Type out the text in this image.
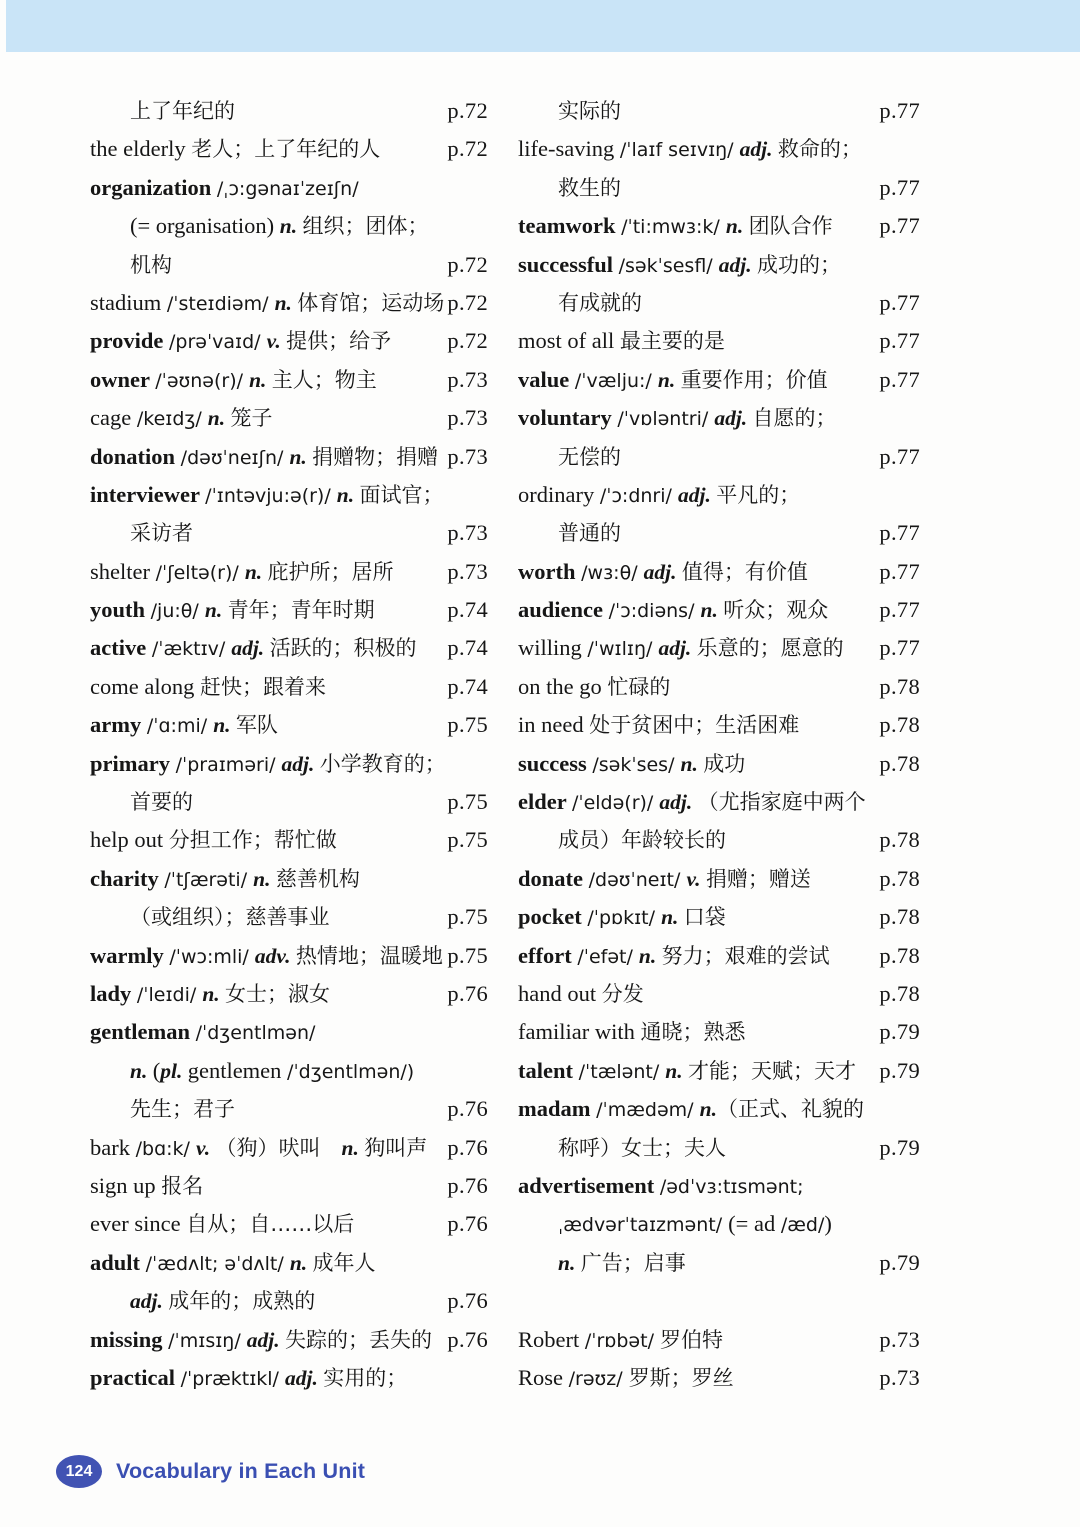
上了年纪的	p.72
the elderly 老人；上了年纪的人	p.72
organization /ˌɔ:gənaɪˈzeɪʃn/
(= organisation) n. 组织；团体；
机构	p.72
stadium /ˈsteɪdiəm/ n. 体育馆；运动场 p.72
provide /prəˈvaɪd/ v. 提供；给予	p.72
owner /ˈəʊnə(r)/ n. 主人；物主	p.73
cage /keɪdʒ/ n. 笼子	p.73
donation /dəʊˈneɪʃn/ n. 捐赠物；捐赠 p.73
interviewer /ˈɪntəvju:ə(r)/ n. 面试官；
采访者	p.73
shelter /ˈʃeltə(r)/ n. 庇护所；居所 p.73
youth /ju:θ/ n. 青年；青年时期	p.74
active /ˈæktɪv/ adj. 活跃的；积极的 p.74
come along 赶快；跟着来	p.74
army /ˈɑ:mi/ n. 军队	p.75
primary /ˈpraɪməri/ adj. 小学教育的；
首要的	p.75
help out 分担工作；帮忙做	p.75
charity /ˈtʃærəti/ n. 慈善机构
（或组织）；慈善事业	p.75
warmly /ˈwɔ:mli/ adv. 热情地；温暖地 p.75
lady /ˈleɪdi/ n. 女士；淑女	p.76
gentleman /ˈdʒentlmən/
n. (pl. gentlemen /ˈdʒentlmən/)
先生；君子	p.76
bark /bɑ:k/ v. （狗）吠叫　n. 狗叫声 p.76
sign up 报名	p.76
ever since 自从；自……以后	p.76
adult /ˈædʌlt; əˈdʌlt/ n. 成年人
adj. 成年的；成熟的	p.76
missing /ˈmɪsɪŋ/ adj. 失踪的；丢失的 p.76
practical /ˈpræktɪkl/ adj. 实用的；
实际的	p.77
life-saving /ˈlaɪf seɪvɪŋ/ adj. 救命的；
救生的	p.77
teamwork /ˈti:mwɜ:k/ n. 团队合作 p.77
successful /səkˈsesfl/ adj. 成功的；
有成就的	p.77
most of all 最主要的是	p.77
value /ˈvælju:/ n. 重要作用；价值 p.77
voluntary /ˈvɒləntri/ adj. 自愿的；
无偿的	p.77
ordinary /ˈɔ:dnri/ adj. 平凡的；
普通的	p.77
worth /wɜ:θ/ adj. 值得；有价值	p.77
audience /ˈɔ:diəns/ n. 听众；观众 p.77
willing /ˈwɪlɪŋ/ adj. 乐意的；愿意的 p.77
on the go 忙碌的	p.78
in need 处于贫困中；生活困难	p.78
success /səkˈses/ n. 成功	p.78
elder /ˈeldə(r)/ adj. （尤指家庭中两个
成员）年龄较长的	p.78
donate /dəʊˈneɪt/ v. 捐赠；赠送	p.78
pocket /ˈpɒkɪt/ n. 口袋	p.78
effort /ˈefət/ n. 努力；艰难的尝试 p.78
hand out 分发	p.78
familiar with 通晓；熟悉	p.79
talent /ˈtælənt/ n. 才能；天赋；天才 p.79
madam /ˈmædəm/ n.（正式、礼貌的
称呼）女士；夫人	p.79
advertisement /ədˈvɜ:tɪsmənt;
ˌædvərˈtaɪzmənt/ (= ad /æd/)
n. 广告；启事	p.79
Robert /ˈrɒbət/ 罗伯特	p.73
Rose /rəʊz/ 罗斯；罗丝	p.73
124 Vocabulary in Each Unit
